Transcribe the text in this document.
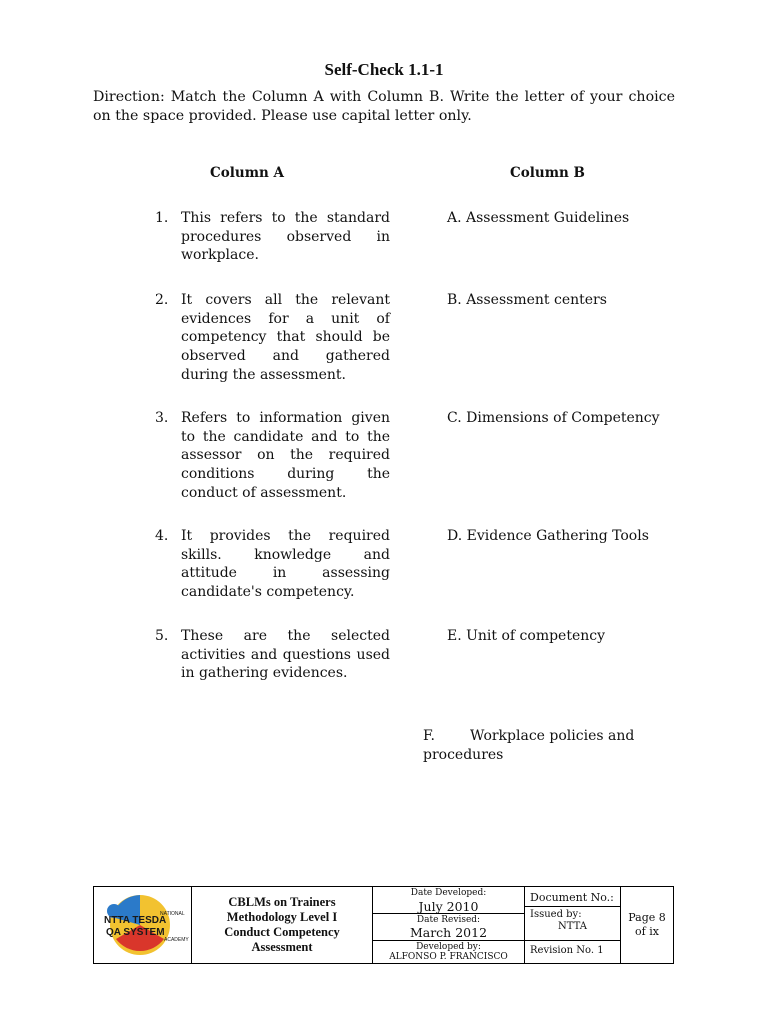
Self-Check 1.1-1
Direction: Match the Column A with Column B. Write the letter of your choice on the space provided. Please use capital letter only.
Column A	Column B
1. This refers to the standard procedures observed in workplace.
2. It covers all the relevant evidences for a unit of competency that should be observed and gathered during the assessment.
3. Refers to information given to the candidate and to the assessor on the required conditions during the conduct of assessment.
4. It provides the required skills. knowledge and attitude in assessing candidate's competency.
5. These are the selected activities and questions used in gathering evidences.
A. Assessment Guidelines
B. Assessment centers
C. Dimensions of Competency
D. Evidence Gathering Tools
E. Unit of competency
F.	Workplace policies and procedures
NTTA TESDA
QA SYSTEM
NATIONAL
ACADEMY
CBLMs on Trainers
Methodology Level I
Conduct Competency
Assessment
Date Developed:
July 2010
Date Revised:
March 2012
Developed by:
ALFONSO P. FRANCISCO
Document No.:
Issued by:
NTTA
Revision No. 1
Page 8
of ix
